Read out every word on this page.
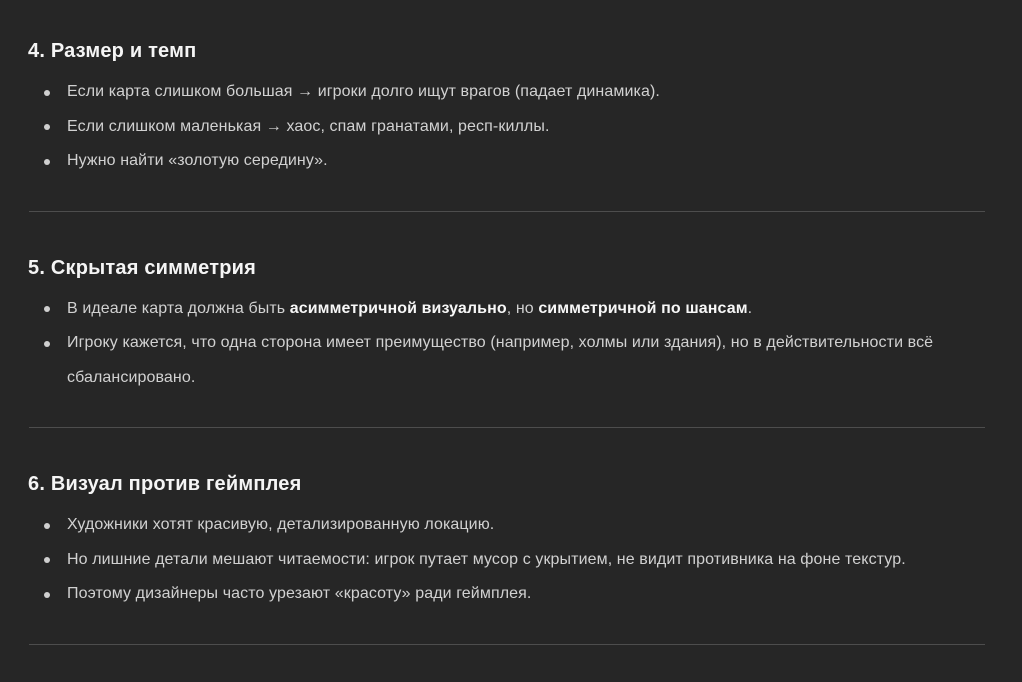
4. Размер и темп
Если карта слишком большая → игроки долго ищут врагов (падает динамика).
Если слишком маленькая → хаос, спам гранатами, респ-киллы.
Нужно найти «золотую середину».
5. Скрытая симметрия
В идеале карта должна быть асимметричной визуально, но симметричной по шансам.
Игроку кажется, что одна сторона имеет преимущество (например, холмы или здания), но в действительности всё сбалансировано.
6. Визуал против геймплея
Художники хотят красивую, детализированную локацию.
Но лишние детали мешают читаемости: игрок путает мусор с укрытием, не видит противника на фоне текстур.
Поэтому дизайнеры часто урезают «красоту» ради геймплея.
